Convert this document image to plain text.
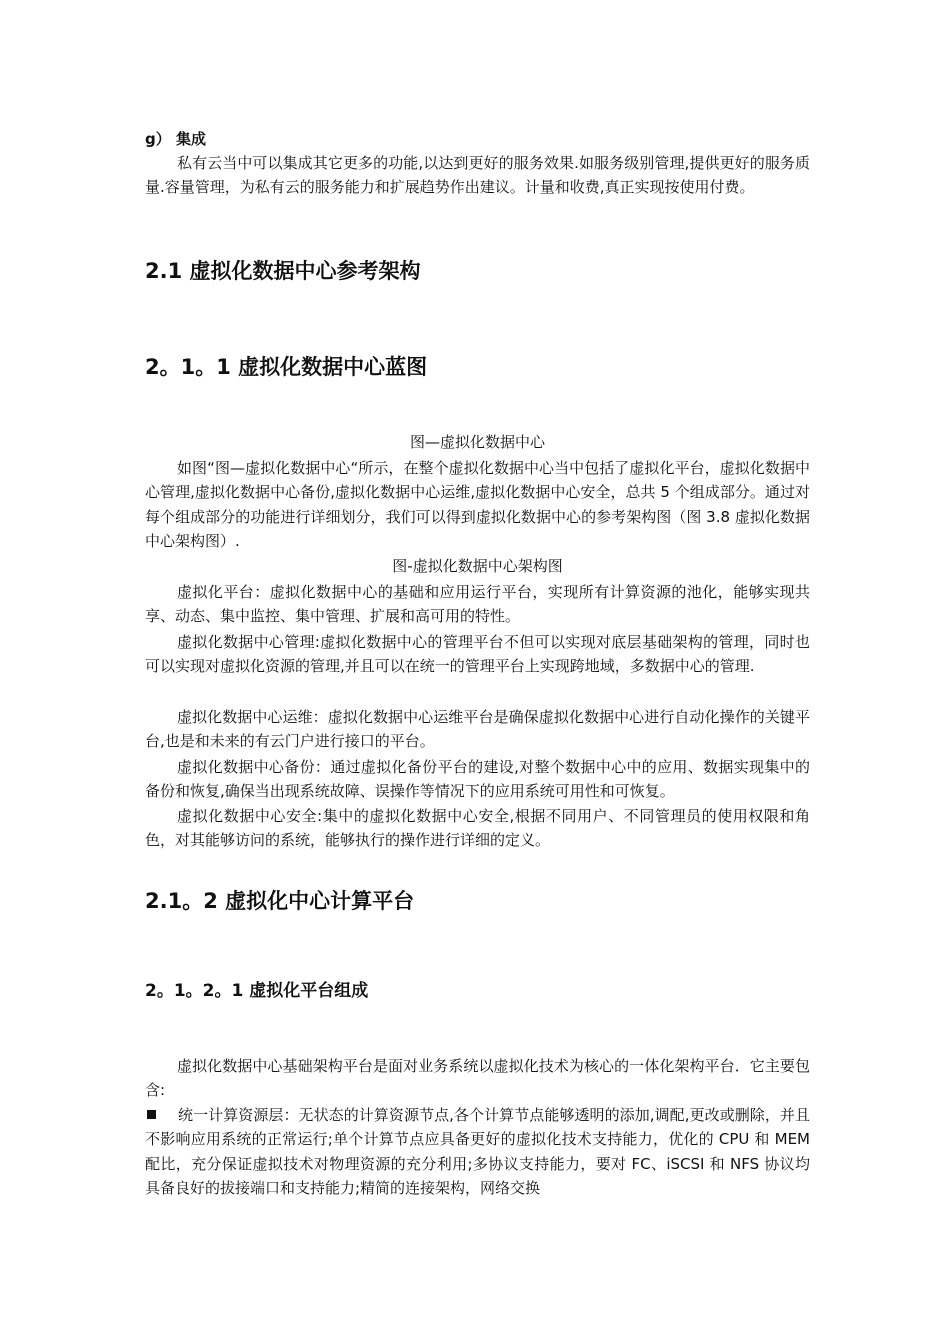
g） 集成

私有云当中可以集成其它更多的功能,以达到更好的服务效果.如服务级别管理,提供更好的服务质量.容量管理，为私有云的服务能力和扩展趋势作出建议。计量和收费,真正实现按使用付费。

2.1 虚拟化数据中心参考架构
2。1。1 虚拟化数据中心蓝图

图—虚拟化数据中心

如图“图—虚拟化数据中心“所示，在整个虚拟化数据中心当中包括了虚拟化平台，虚拟化数据中心管理,虚拟化数据中心备份,虚拟化数据中心运维,虚拟化数据中心安全，总共 5 个组成部分。通过对每个组成部分的功能进行详细划分，我们可以得到虚拟化数据中心的参考架构图（图 3.8 虚拟化数据中心架构图）.

图-虚拟化数据中心架构图

虚拟化平台：虚拟化数据中心的基础和应用运行平台，实现所有计算资源的池化，能够实现共享、动态、集中监控、集中管理、扩展和高可用的特性。

虚拟化数据中心管理:虚拟化数据中心的管理平台不但可以实现对底层基础架构的管理，同时也可以实现对虚拟化资源的管理,并且可以在统一的管理平台上实现跨地域，多数据中心的管理.

虚拟化数据中心运维：虚拟化数据中心运维平台是确保虚拟化数据中心进行自动化操作的关键平台,也是和未来的有云门户进行接口的平台。

虚拟化数据中心备份：通过虚拟化备份平台的建设,对整个数据中心中的应用、数据实现集中的备份和恢复,确保当出现系统故障、误操作等情况下的应用系统可用性和可恢复。

虚拟化数据中心安全:集中的虚拟化数据中心安全,根据不同用户、不同管理员的使用权限和角色，对其能够访问的系统，能够执行的操作进行详细的定义。

2.1。2 虚拟化中心计算平台
2。1。2。1 虚拟化平台组成

虚拟化数据中心基础架构平台是面对业务系统以虚拟化技术为核心的一体化架构平台．它主要包含:

统一计算资源层：无状态的计算资源节点,各个计算节点能够透明的添加,调配,更改或删除，并且不影响应用系统的正常运行;单个计算节点应具备更好的虚拟化技术支持能力，优化的 CPU 和 MEM 配比，充分保证虚拟技术对物理资源的充分利用;多协议支持能力，要对 FC、iSCSI 和 NFS 协议均具备良好的拔接端口和支持能力;精简的连接架构，网络交换
